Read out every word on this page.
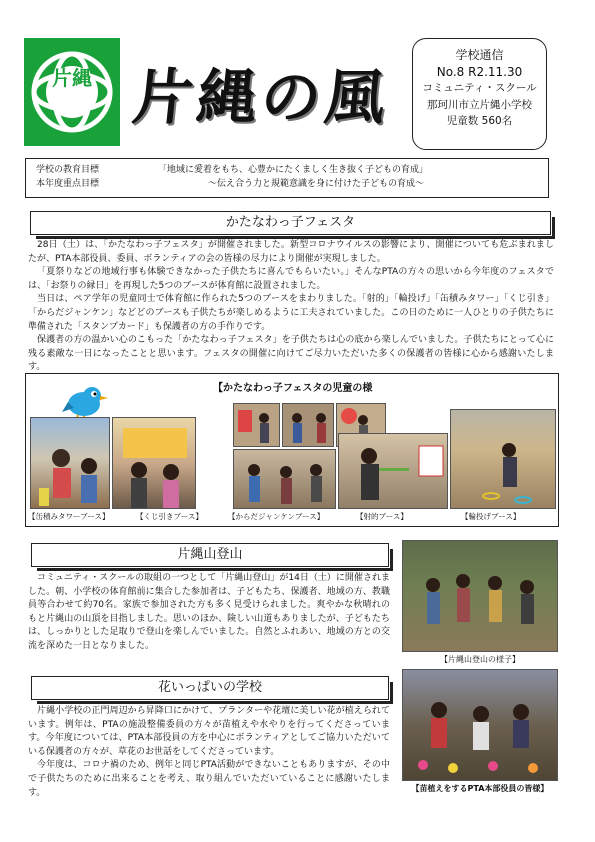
片縄 片縄の風
学校通信
No.8 R2.11.30
コミュニティ・スクール
那珂川市立片縄小学校
児童数 560名
学校の教育目標	「地域に愛着をもち、心豊かにたくましく生き抜く子どもの育成」
本年度重点目標	〜伝え合う力と規範意識を身に付けた子どもの育成〜
かたなわっ子フェスタ

28日（土）は、「かたなわっ子フェスタ」が開催されました。新型コロナウイルスの影響により、開催についても危ぶまれましたが、PTA本部役員、委員、ボランティアの会の皆様の尽力により開催が実現しました。

「夏祭りなどの地域行事も体験できなかった子供たちに喜んでもらいたい。」そんなPTAの方々の思いから今年度のフェスタでは、「お祭りの縁日」を再現した5つのブースが体育館に設置されました。

当日は、ペア学年の児童同士で体育館に作られた5つのブースをまわりました。「射的」「輪投げ」「缶積みタワー」「くじ引き」「からだジャンケン」などどのブースも子供たちが楽しめるように工夫されていました。この日のために一人ひとりの子供たちに準備された「スタンプカード」も保護者の方の手作りです。

保護者の方の温かい心のこもった「かたなわっ子フェスタ」を子供たちは心の底から楽しんでいました。子供たちにとって心に残る素敵な一日になったことと思います。フェスタの開催に向けてご尽力いただいた多くの保護者の皆様に心から感謝いたします。

【かたなわっ子フェスタの児童の様
【缶積みタワーブース】	【くじ引きブース】	【からだジャンケンブース】	【射的ブース】	【輪投げブース】
片縄山登山

コミュニティ・スクールの取組の一つとして「片縄山登山」が14日（土）に開催されました。朝、小学校の体育館前に集合した参加者は、子どもたち、保護者、地域の方、教職員等合わせて約70名。家族で参加された方も多く見受けられました。爽やかな秋晴れのもと片縄山の山頂を目指しました。思いのほか、険しい山道もありましたが、子どもたちは、しっかりとした足取りで登山を楽しんでいました。自然とふれあい、地域の方との交流を深めた一日となりました。

【片縄山登山の様子】
花いっぱいの学校

片縄小学校の正門周辺から昇降口にかけて、プランターや花壇に美しい花が植えられています。例年は、PTAの施設整備委員の方々が苗植えや水やりを行ってくださっています。今年度については、PTA本部役員の方を中心にボランティアとしてご協力いただいている保護者の方々が、草花のお世話をしてくださっています。

今年度は、コロナ禍のため、例年と同じPTA活動ができないこともありますが、その中で子供たちのために出来ることを考え、取り組んでいただいていることに感謝いたします。	【苗植えをするPTA本部役員の皆様】
